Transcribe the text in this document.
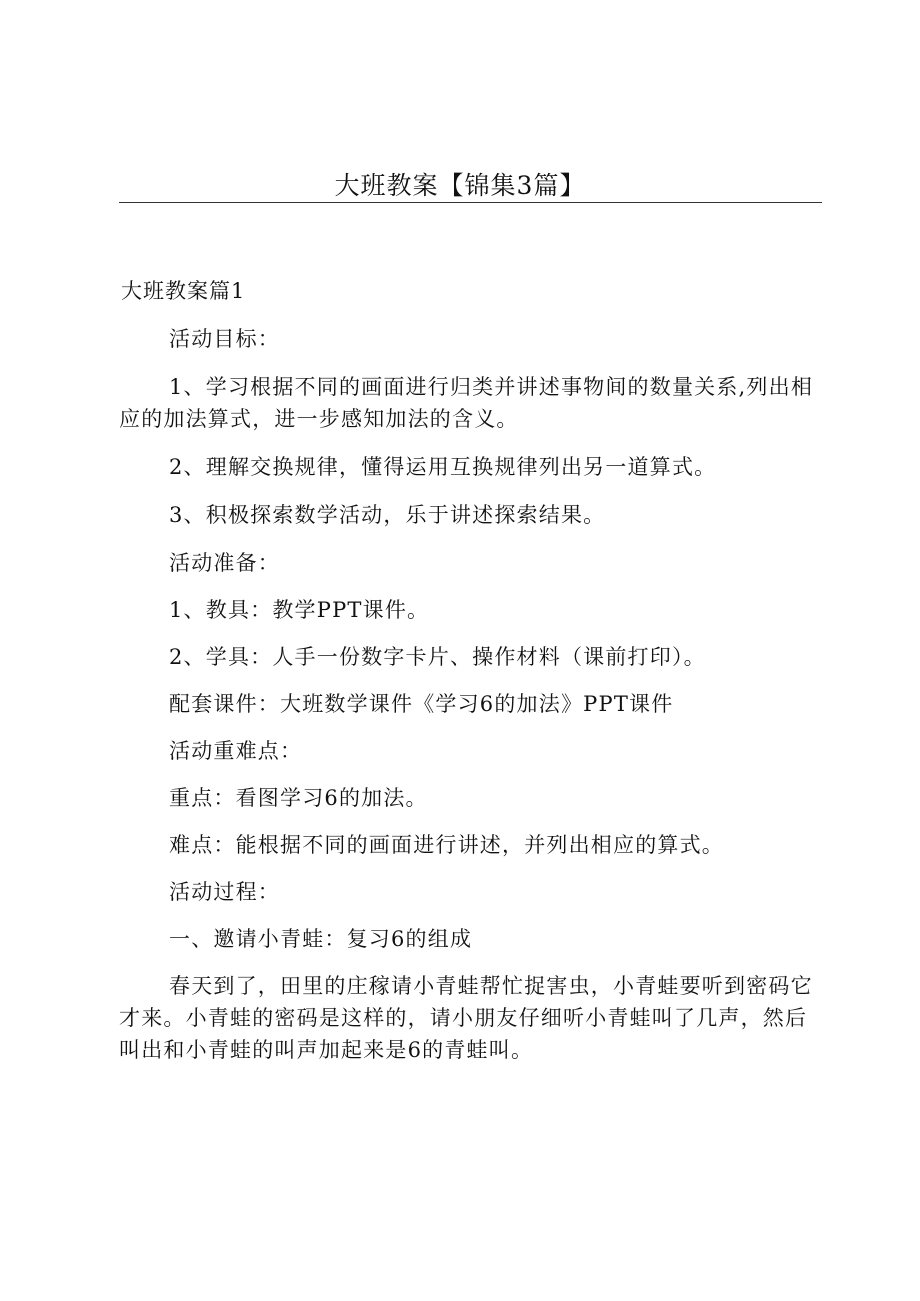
大班教案【锦集3篇】
大班教案篇1

活动目标：

1、学习根据不同的画面进行归类并讲述事物间的数量关系,列出相应的加法算式，进一步感知加法的含义。

2、理解交换规律，懂得运用互换规律列出另一道算式。

3、积极探索数学活动，乐于讲述探索结果。

活动准备：

1、教具：教学PPT课件。

2、学具：人手一份数字卡片、操作材料（课前打印）。

配套课件：大班数学课件《学习6的加法》PPT课件

活动重难点：

重点：看图学习6的加法。

难点：能根据不同的画面进行讲述，并列出相应的算式。

活动过程：

一、邀请小青蛙：复习6的组成

春天到了，田里的庄稼请小青蛙帮忙捉害虫，小青蛙要听到密码它才来。小青蛙的密码是这样的，请小朋友仔细听小青蛙叫了几声，然后叫出和小青蛙的叫声加起来是6的青蛙叫。
